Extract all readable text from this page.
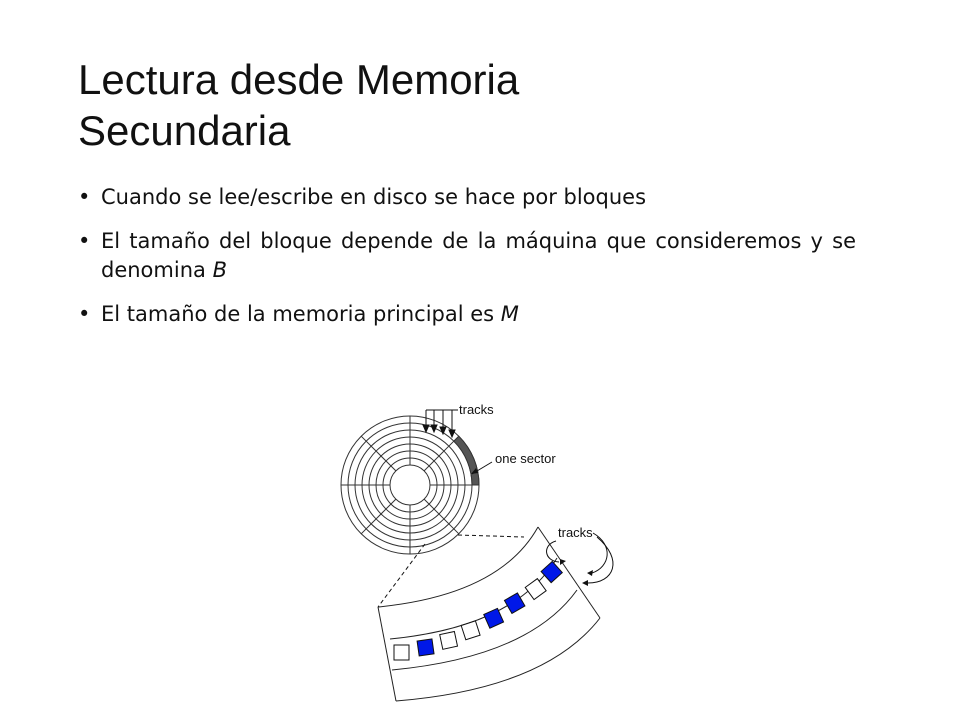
Lectura desde Memoria
Secundaria
• Cuando se lee/escribe en disco se hace por bloques
• El tamaño del bloque depende de la máquina que consideremos y se denomina B
• El tamaño de la memoria principal es M
tracks
one sector
tracks
